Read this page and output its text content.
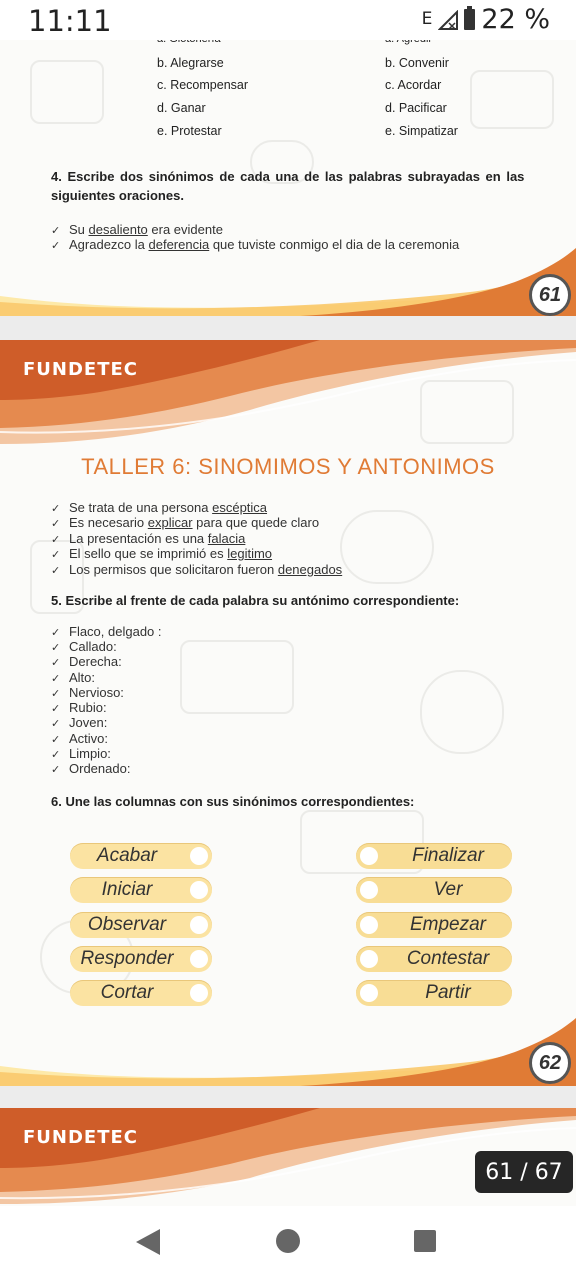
11:11	E 22 %
b. Alegrarse
c. Recompensar
d. Ganar
e. Protestar
b. Convenir
c. Acordar
d. Pacificar
e. Simpatizar
4. Escribe dos sinónimos de cada una de las palabras subrayadas en las
siguientes oraciones.
✓ Su desaliento era evidente
✓ Agradezco la deferencia que tuviste conmigo el dia de la ceremonia
61
FUNDETEC
TALLER 6: SINOMIMOS Y ANTONIMOS
✓ Se trata de una persona escéptica
✓ Es necesario explicar para que quede claro
✓ La presentación es una falacia
✓ El sello que se imprimió es legitimo
✓ Los permisos que solicitaron fueron denegados
5. Escribe al frente de cada palabra su antónimo correspondiente:
✓ Flaco, delgado :
✓ Callado:
✓ Derecha:
✓ Alto:
✓ Nervioso:
✓ Rubio:
✓ Joven:
✓ Activo:
✓ Limpio:
✓ Ordenado:
6. Une las columnas con sus sinónimos correspondientes:
Acabar
Iniciar
Observar
Responder
Cortar
Finalizar
Ver
Empezar
Contestar
Partir
62
FUNDETEC
61 / 67
